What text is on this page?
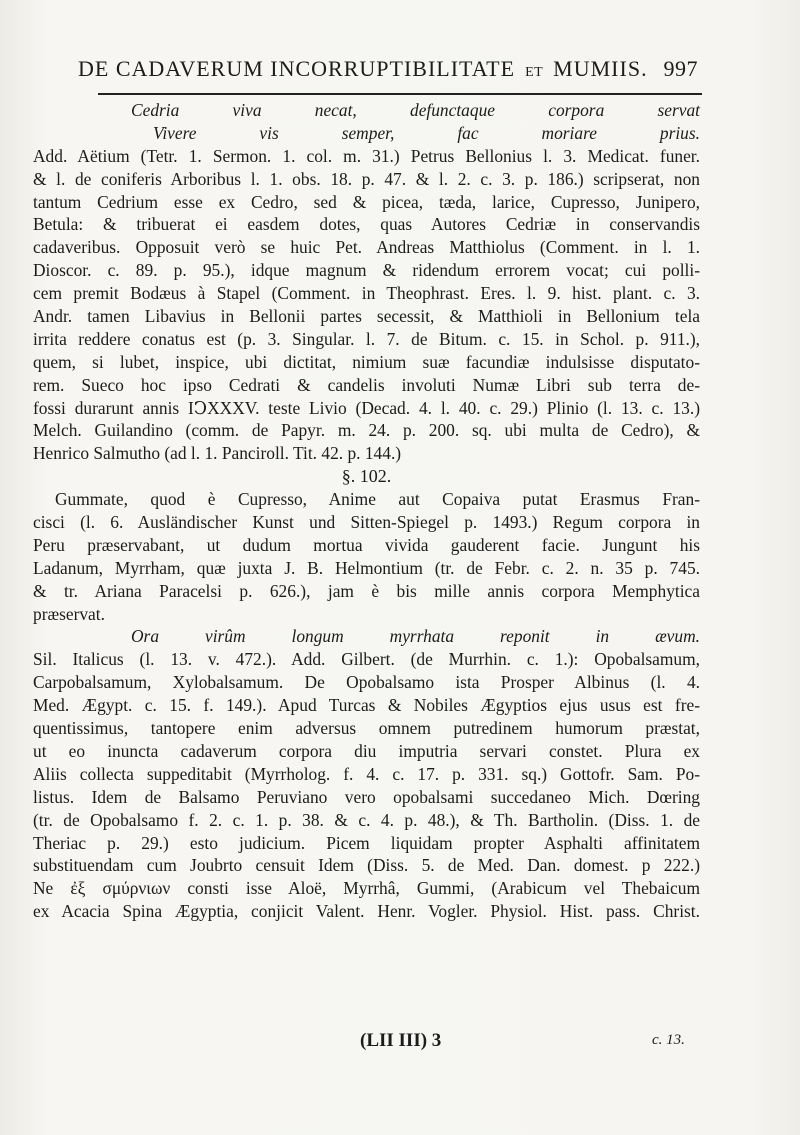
DE CADAVERUM INCORRUPTIBILITATE ET MUMIIS. 997
Cedria viva necat, defunctaque corpora servat
Vivere vis semper, fac moriare prius.
Add. Aëtium (Tetr. 1. Sermon. 1. col. m. 31.) Petrus Bellonius l. 3. Medicat. funer.
& l. de coniferis Arboribus l. 1. obs. 18. p. 47. & l. 2. c. 3. p. 186.) scripserat, non
tantum Cedrium esse ex Cedro, sed & picea, tæda, larice, Cupresso, Junipero,
Betula: & tribuerat ei easdem dotes, quas Autores Cedriæ in conservandis
cadaveribus. Opposuit verò se huic Pet. Andreas Matthiolus (Comment. in l. 1.
Dioscor. c. 89. p. 95.), idque magnum & ridendum errorem vocat; cui polli-
cem premit Bodæus à Stapel (Comment. in Theophrast. Eres. l. 9. hist. plant. c. 3.
Andr. tamen Libavius in Bellonii partes secessit, & Matthioli in Bellonium tela
irrita reddere conatus est (p. 3. Singular. l. 7. de Bitum. c. 15. in Schol. p. 911.),
quem, si lubet, inspice, ubi dictitat, nimium suæ facundiæ indulsisse disputato-
rem. Sueco hoc ipso Cedrati & candelis involuti Numæ Libri sub terra de-
fossi durarunt annis IↃXXXV. teste Livio (Decad. 4. l. 40. c. 29.) Plinio (l. 13. c. 13.)
Melch. Guilandino (comm. de Papyr. m. 24. p. 200. sq. ubi multa de Cedro), &
Henrico Salmutho (ad l. 1. Panciroll. Tit. 42. p. 144.)
§. 102.
Gummate, quod è Cupresso, Anime aut Copaiva putat Erasmus Fran-
cisci (l. 6. Ausländischer Kunst und Sitten-Spiegel p. 1493.) Regum corpora in
Peru præservabant, ut dudum mortua vivida gauderent facie. Jungunt his
Ladanum, Myrrham, quæ juxta J. B. Helmontium (tr. de Febr. c. 2. n. 35 p. 745.
& tr. Ariana Paracelsi p. 626.), jam è bis mille annis corpora Memphytica
præservat.
Ora virûm longum myrrhata reponit in ævum.
Sil. Italicus (l. 13. v. 472.). Add. Gilbert. (de Murrhin. c. 1.): Opobalsamum,
Carpobalsamum, Xylobalsamum. De Opobalsamo ista Prosper Albinus (l. 4.
Med. Ægypt. c. 15. f. 149.). Apud Turcas & Nobiles Ægyptios ejus usus est fre-
quentissimus, tantopere enim adversus omnem putredinem humorum præstat,
ut eo inuncta cadaverum corpora diu imputria servari constet. Plura ex
Aliis collecta suppeditabit (Myrrholog. f. 4. c. 17. p. 331. sq.) Gottofr. Sam. Po-
listus. Idem de Balsamo Peruviano vero opobalsami succedaneo Mich. Dœring
(tr. de Opobalsamo f. 2. c. 1. p. 38. & c. 4. p. 48.), & Th. Bartholin. (Diss. 1. de
Theriac p. 29.) esto judicium. Picem liquidam propter Asphalti affinitatem
substituendam cum Joubrto censuit Idem (Diss. 5. de Med. Dan. domest. p 222.)
Ne ἐξ σμύρνιων consti isse Aloë, Myrrhâ, Gummi, (Arabicum vel Thebaicum
ex Acacia Spina Ægyptia, conjicit Valent. Henr. Vogler. Physiol. Hist. pass. Christ.
(LII III) 3	c. 13.
